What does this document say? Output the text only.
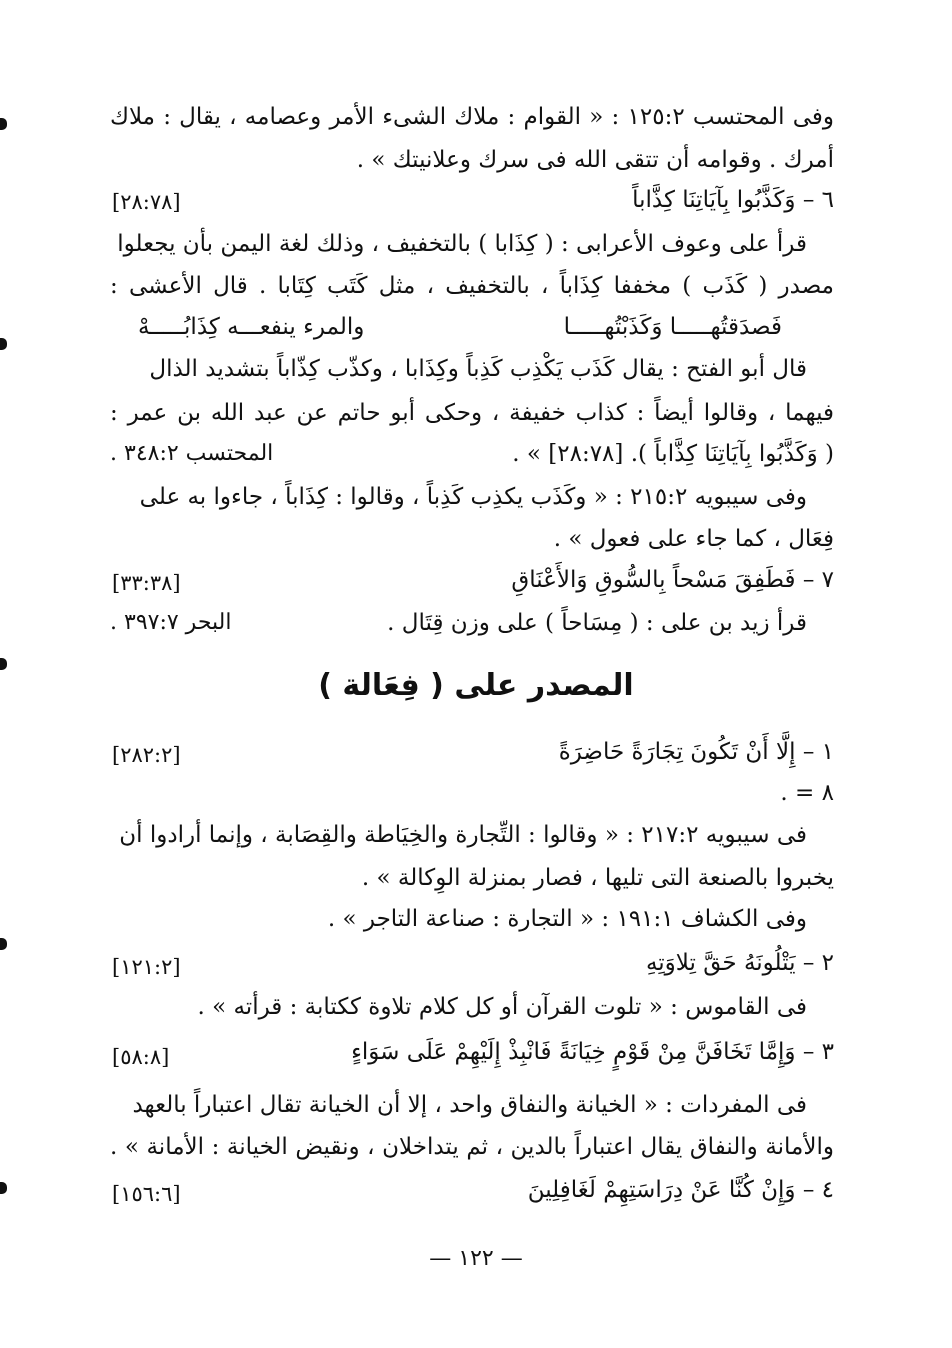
وفى المحتسب ١٢٥:٢ : « القوام : ملاك الشىء الأمر وعصامه ، يقال : ملاك
أمرك . وقوامه أن تتقى الله فى سرك وعلانيتك » .
٦ – وَكَذَّبُوا بِآيَاتِنَا كِذَّاباً
[٢٨:٧٨]
قرأ على وعوف الأعرابى : ( كِذَابا ) بالتخفيف ، وذلك لغة اليمن بأن يجعلوا
مصدر ( كَذَب ) مخففا كِذَاباً ، بالتخفيف ، مثل كَتَب كِتَابا . قال الأعشى :
فَصدَقتُهـــــا وَكَذَبْتُهـــــا
والمرء ينفعـــه كِذَابُـــــهْ
قال أبو الفتح : يقال كَذَب يَكْذِب كَذِباً وكِذَابا ، وكذّب كِذّاباً بتشديد الذال
فيهما ، وقالوا أيضاً : كذاب خفيفة ، وحكى أبو حاتم عن عبد الله بن عمر :
( وَكَذَّبُوا بِآيَاتِنَا كِذَّاباً ). [٢٨:٧٨] » .
المحتسب ٣٤٨:٢ .
وفى سيبويه ٢١٥:٢ : « وكَذَب يكذِب كَذِباً ، وقالوا : كِذَاباً ، جاءوا به على
فِعَال ، كما جاء على فعول » .
٧ – فَطَفِقَ مَسْحاً بِالسُّوقِ وَالأَعْنَاقِ
[٣٣:٣٨]
قرأ زيد بن على : ( مِسَاحاً ) على وزن قِتَال .
البحر ٣٩٧:٧ .
المصدر على ( فِعَالة )
١ – إِلَّا أَنْ تَكُونَ تِجَارَةً حَاضِرَةً
[٢٨٢:٢]
٨ = .
فى سيبويه ٢١٧:٢ : « وقالوا : التِّجارة والخِيَاطة والقِصَابة ، وإنما أرادوا أن
يخبروا بالصنعة التى تليها ، فصار بمنزلة الوِكالة » .
وفى الكشاف ١٩١:١ : « التجارة : صناعة التاجر » .
٢ – يَتْلُونَهُ حَقَّ تِلاوَتِهِ
[١٢١:٢]
فى القاموس : « تلوت القرآن أو كل كلام تلاوة ككتابة : قرأته » .
٣ – وَإِمَّا تَخَافَنَّ مِنْ قَوْمٍ خِيَانَةً فَانْبِذْ إِلَيْهِمْ عَلَى سَوَاءٍ
[٥٨:٨]
فى المفردات : « الخيانة والنفاق واحد ، إلا أن الخيانة تقال اعتباراً بالعهد
والأمانة والنفاق يقال اعتباراً بالدين ، ثم يتداخلان ، ونقيض الخيانة : الأمانة » .
٤ – وَإِنْ كُنَّا عَنْ دِرَاسَتِهِمْ لَغَافِلِينَ
[١٥٦:٦]
— ١٢٢ —
